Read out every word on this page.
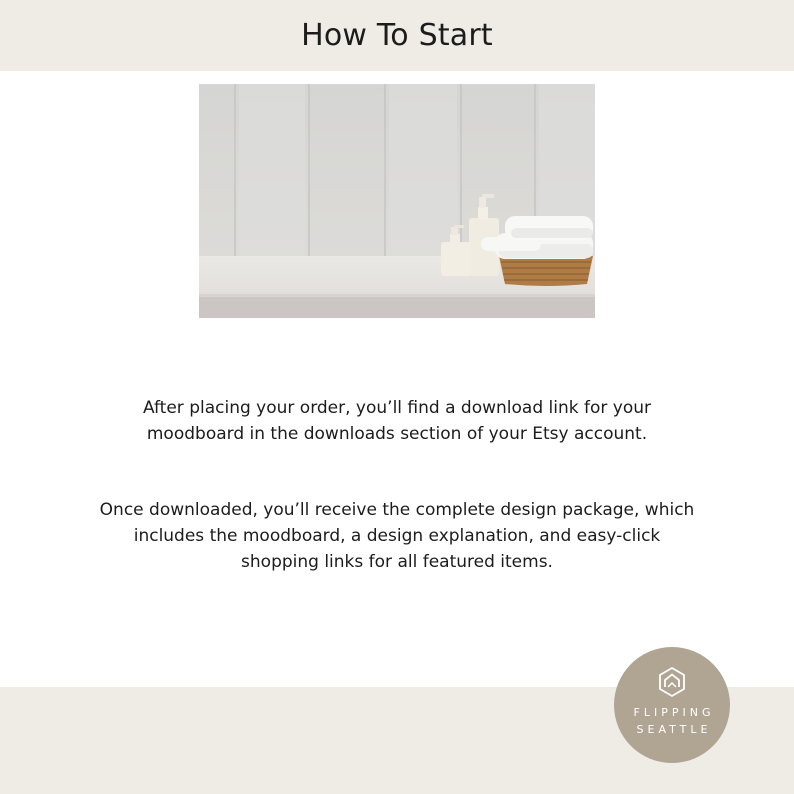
How To Start

After placing your order, you’ll find a download link for your moodboard in the downloads section of your Etsy account.

Once downloaded, you’ll receive the complete design package, which includes the moodboard, a design explanation, and easy-click shopping links for all featured items.

FLIPPING
SEATTLE
